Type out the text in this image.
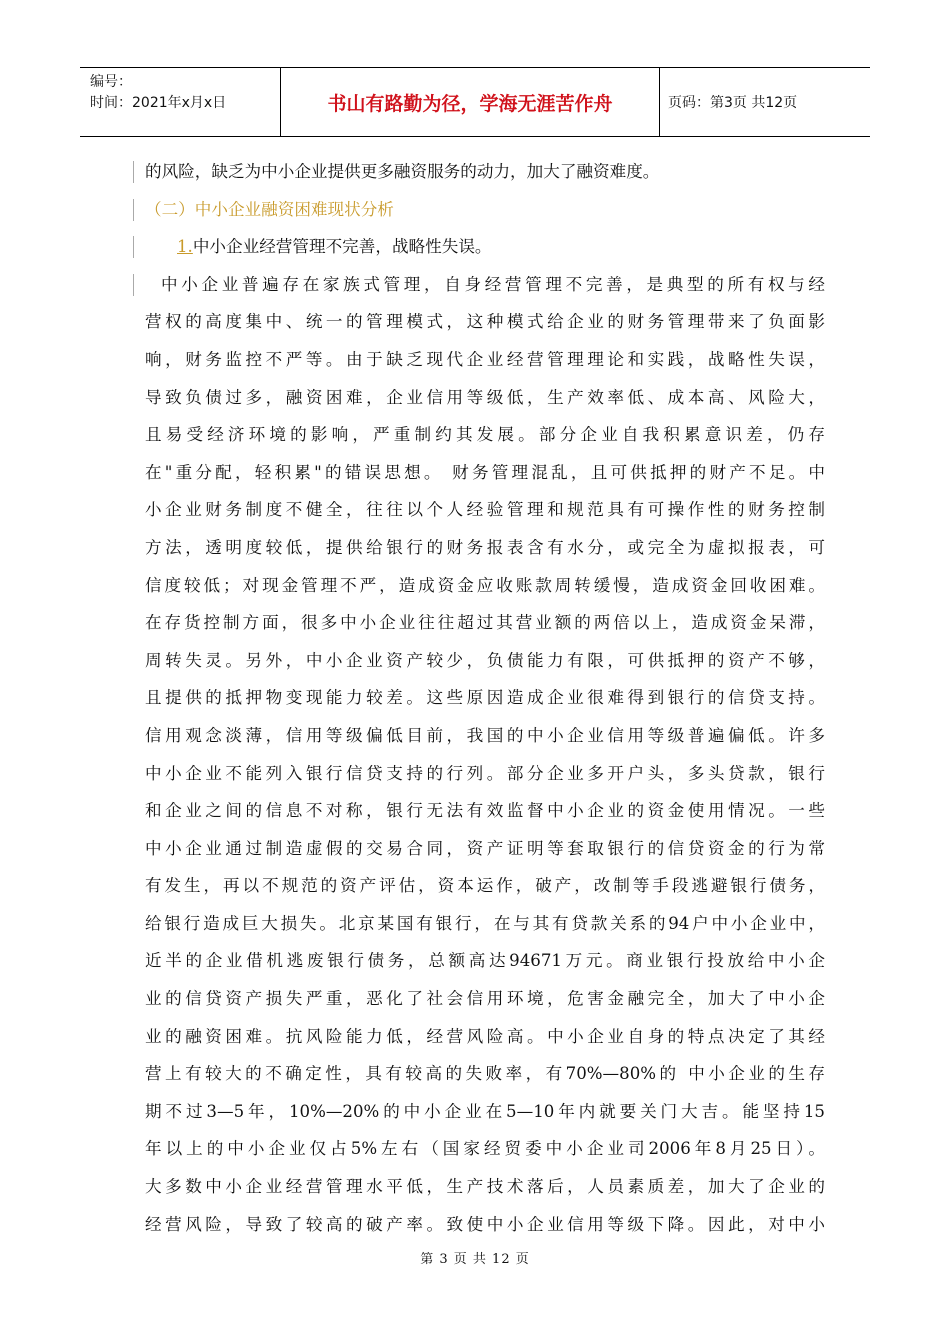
编号：
时间：2021年x月x日	书山有路勤为径，学海无涯苦作舟	页码：第3页 共12页
的风险，缺乏为中小企业提供更多融资服务的动力，加大了融资难度。
（二）中小企业融资困难现状分析
1.中小企业经营管理不完善，战略性失误。
中小企业普遍存在家族式管理，自身经营管理不完善，是典型的所有权与经
营权的高度集中、统一的管理模式，这种模式给企业的财务管理带来了负面影
响，财务监控不严等。由于缺乏现代企业经营管理理论和实践，战略性失误，
导致负债过多，融资困难，企业信用等级低，生产效率低、成本高、风险大，
且易受经济环境的影响，严重制约其发展。部分企业自我积累意识差，仍存
在"重分配，轻积累"的错误思想。 财务管理混乱，且可供抵押的财产不足。中
小企业财务制度不健全，往往以个人经验管理和规范具有可操作性的财务控制
方法，透明度较低，提供给银行的财务报表含有水分，或完全为虚拟报表，可
信度较低；对现金管理不严，造成资金应收账款周转缓慢，造成资金回收困难。
在存货控制方面，很多中小企业往往超过其营业额的两倍以上，造成资金呆滞，
周转失灵。另外，中小企业资产较少，负债能力有限，可供抵押的资产不够，
且提供的抵押物变现能力较差。这些原因造成企业很难得到银行的信贷支持。
信用观念淡薄，信用等级偏低目前，我国的中小企业信用等级普遍偏低。许多
中小企业不能列入银行信贷支持的行列。部分企业多开户头，多头贷款，银行
和企业之间的信息不对称，银行无法有效监督中小企业的资金使用情况。一些
中小企业通过制造虚假的交易合同，资产证明等套取银行的信贷资金的行为常
有发生，再以不规范的资产评估，资本运作，破产，改制等手段逃避银行债务，
给银行造成巨大损失。北京某国有银行，在与其有贷款关系的94户中小企业中，
近半的企业借机逃废银行债务，总额高达94671万元。商业银行投放给中小企
业的信贷资产损失严重，恶化了社会信用环境，危害金融完全，加大了中小企
业的融资困难。抗风险能力低，经营风险高。中小企业自身的特点决定了其经
营上有较大的不确定性，具有较高的失败率，有70%—80%的 中小企业的生存
期不过3—5年，10%—20%的中小企业在5—10年内就要关门大吉。能坚持15
年以上的中小企业仅占5%左右（国家经贸委中小企业司2006年8月25日）。
大多数中小企业经营管理水平低，生产技术落后，人员素质差，加大了企业的
经营风险，导致了较高的破产率。致使中小企业信用等级下降。因此，对中小
第 3 页 共 12 页
